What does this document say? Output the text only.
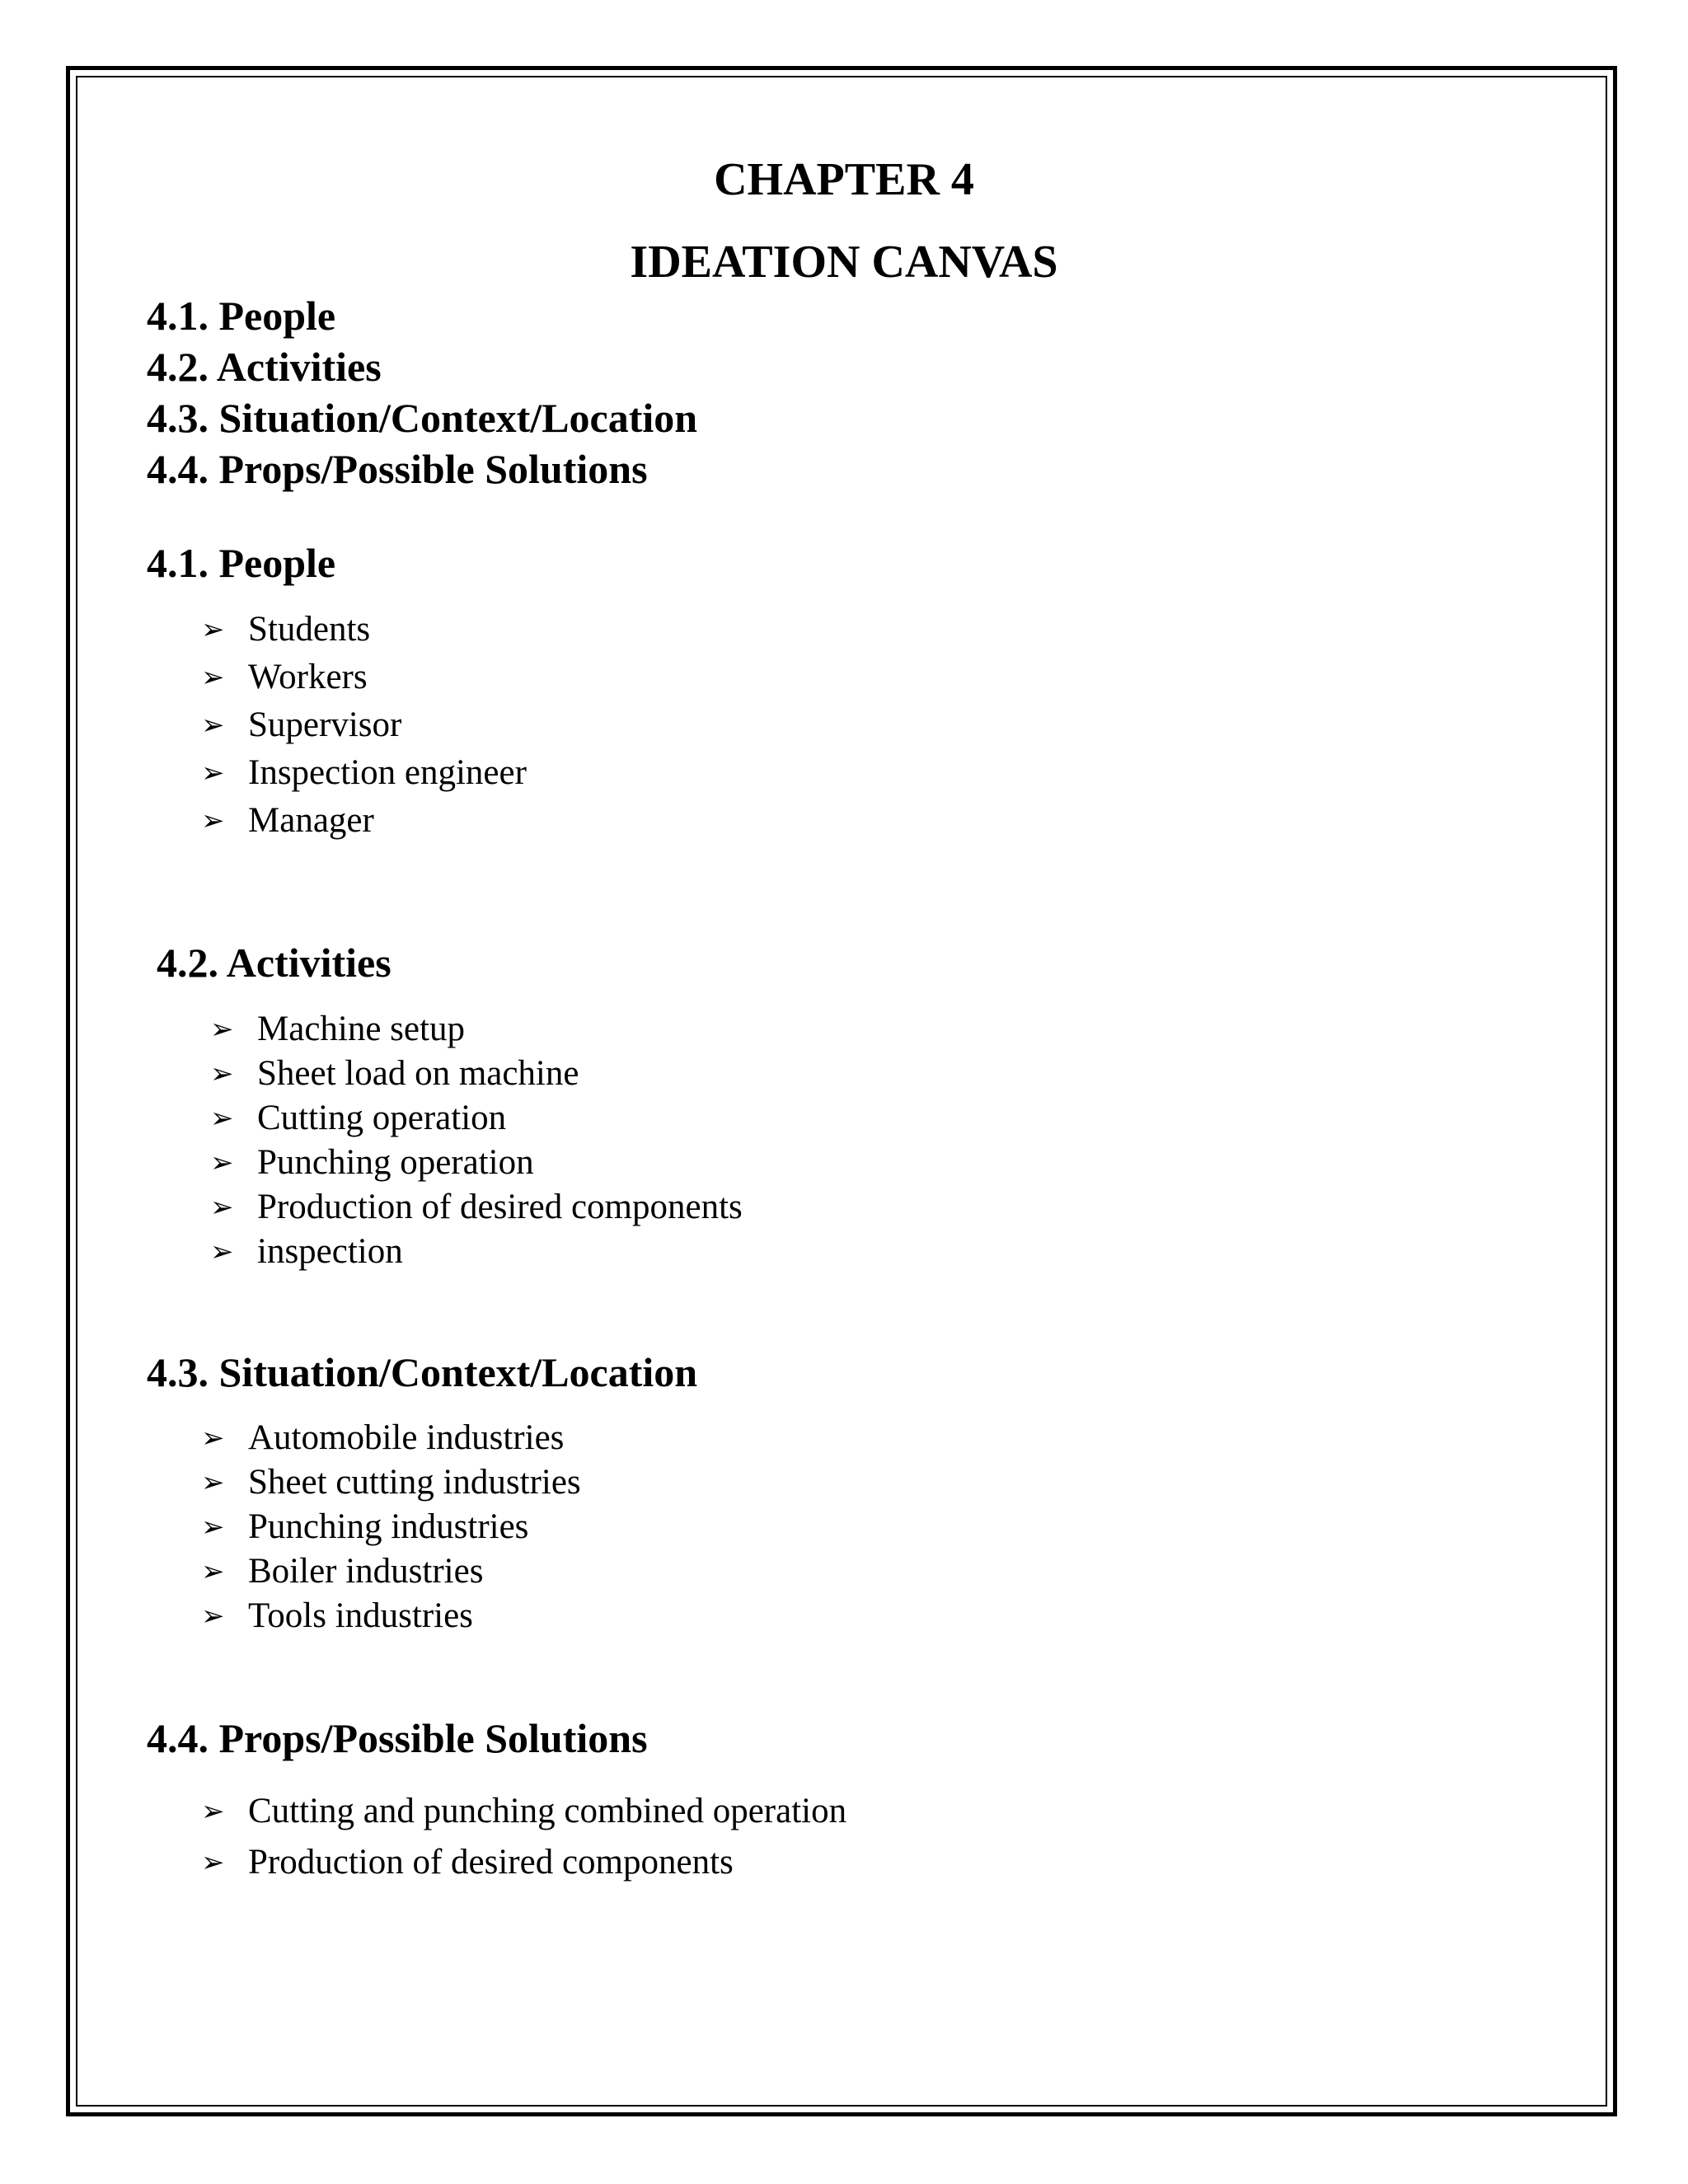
CHAPTER 4
IDEATION CANVAS
4.1. People
4.2. Activities
4.3. Situation/Context/Location
4.4. Props/Possible Solutions
4.1. People
➢ Students
➢ Workers
➢ Supervisor
➢ Inspection engineer
➢ Manager
4.2. Activities
➢ Machine setup
➢ Sheet load on machine
➢ Cutting operation
➢ Punching operation
➢ Production of desired components
➢ inspection
4.3. Situation/Context/Location
➢ Automobile industries
➢ Sheet cutting industries
➢ Punching industries
➢ Boiler industries
➢ Tools industries
4.4. Props/Possible Solutions
➢ Cutting and punching combined operation
➢ Production of desired components
